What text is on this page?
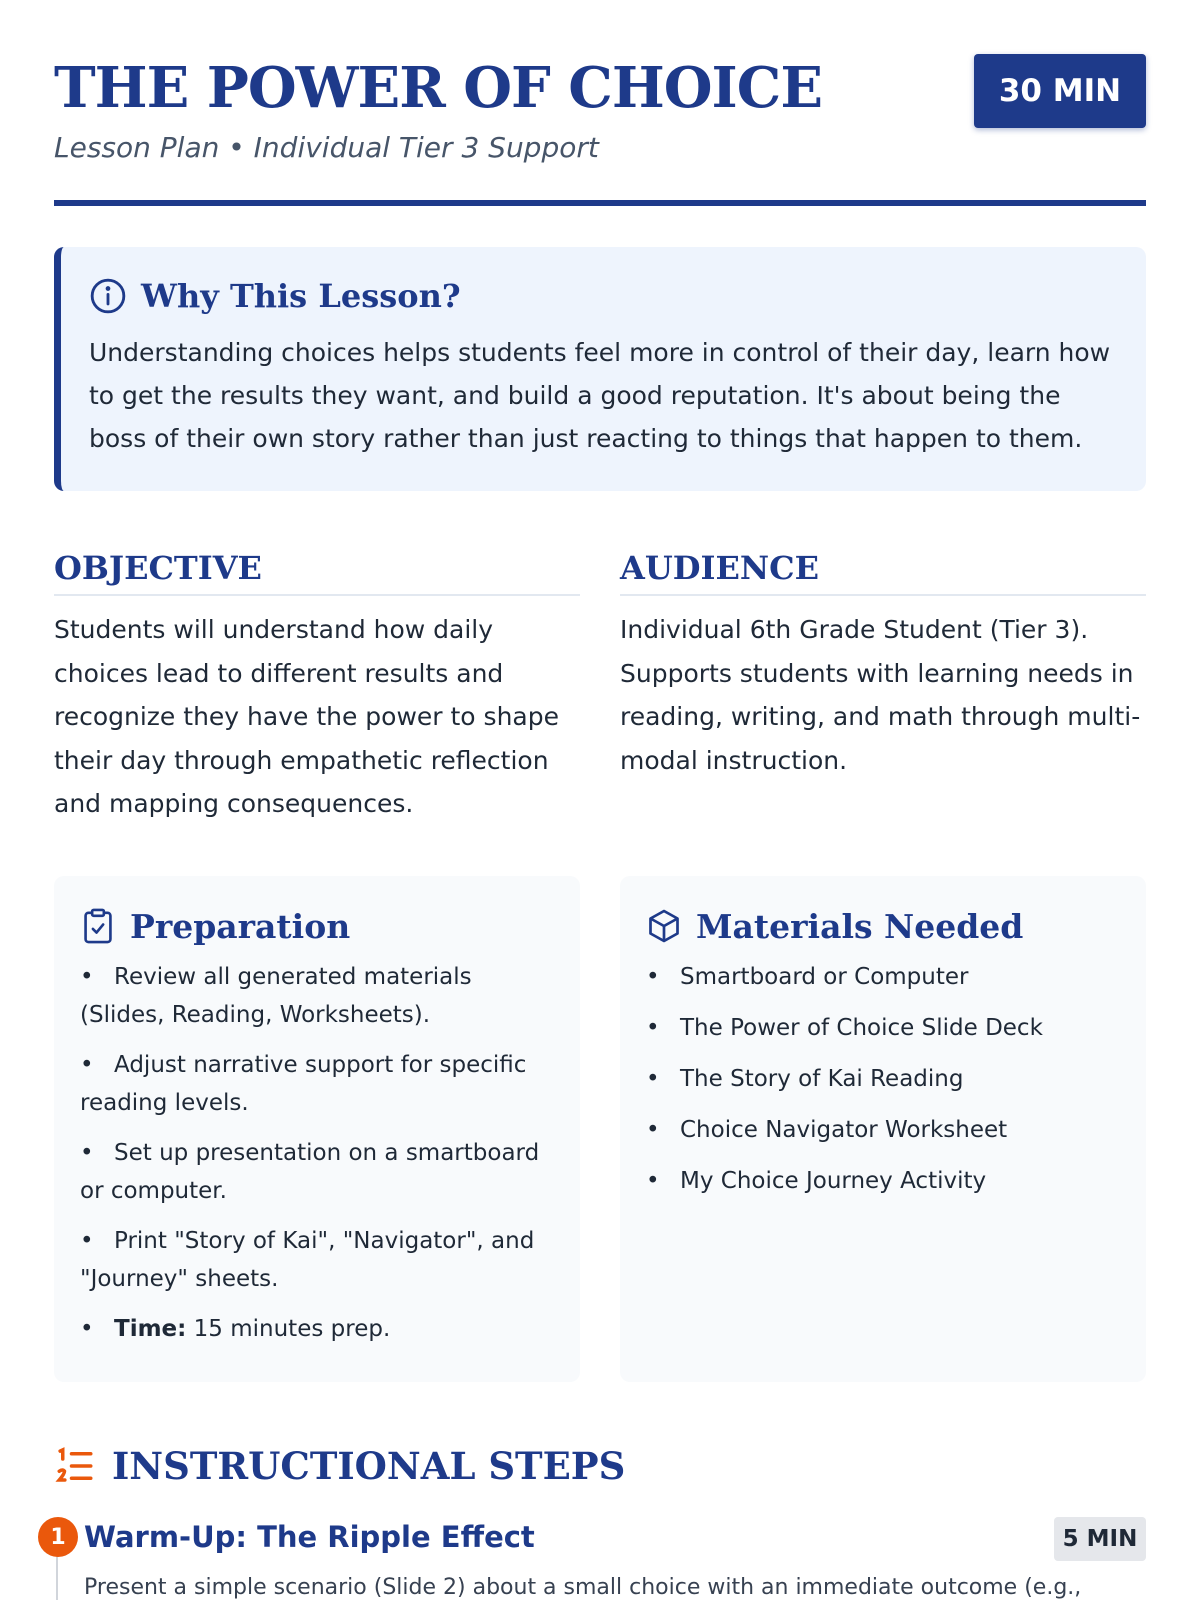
THE POWER OF CHOICE
Lesson Plan • Individual Tier 3 Support
30 MIN
Why This Lesson?

Understanding choices helps students feel more in control of their day, learn how to get the results they want, and build a good reputation. It's about being the boss of their own story rather than just reacting to things that happen to them.

OBJECTIVE

Students will understand how daily choices lead to different results and recognize they have the power to shape their day through empathetic reflection and mapping consequences.

AUDIENCE

Individual 6th Grade Student (Tier 3). Supports students with learning needs in reading, writing, and math through multi-modal instruction.

Preparation
• Review all generated materials (Slides, Reading, Worksheets).
• Adjust narrative support for specific reading levels.
• Set up presentation on a smartboard or computer.
• Print "Story of Kai", "Navigator", and "Journey" sheets.
• Time: 15 minutes prep.
Materials Needed
• Smartboard or Computer
• The Power of Choice Slide Deck
• The Story of Kai Reading
• Choice Navigator Worksheet
• My Choice Journey Activity
INSTRUCTIONAL STEPS
1 Warm-Up: The Ripple Effect	5 MIN
Present a simple scenario (Slide 2) about a small choice with an immediate outcome (e.g.,
